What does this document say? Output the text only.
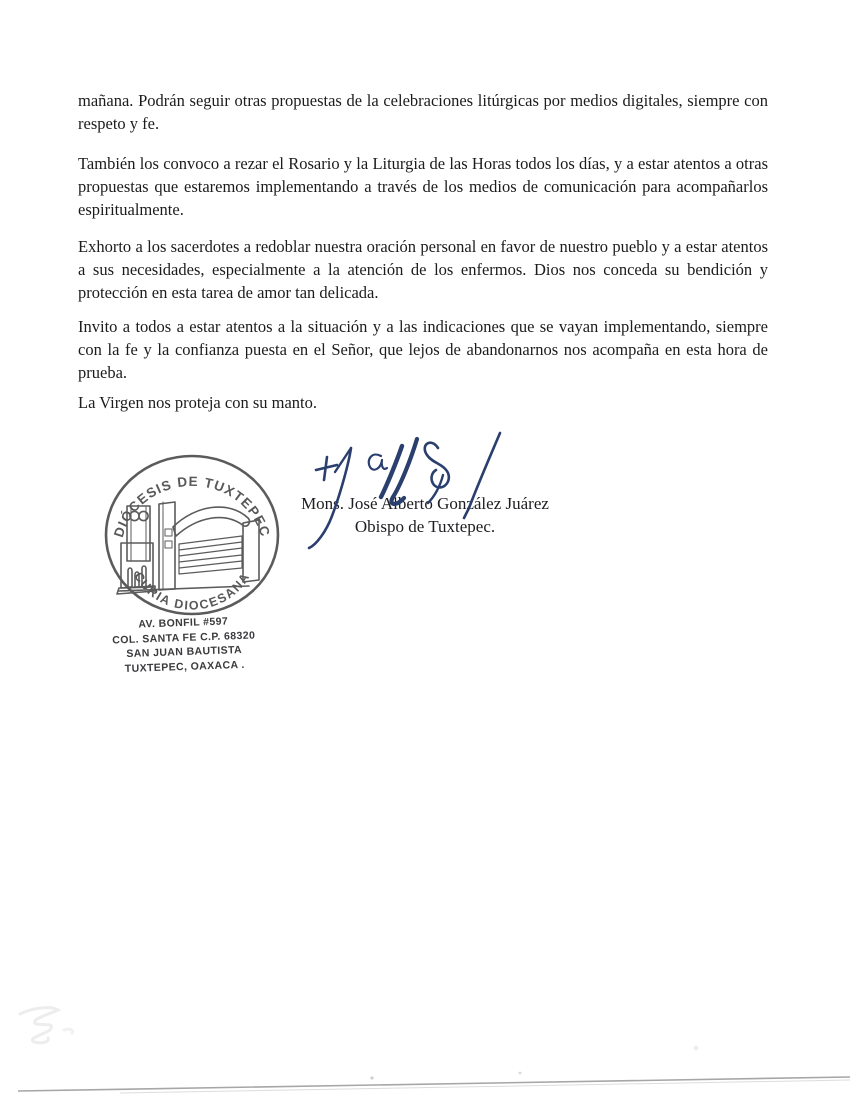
mañana. Podrán seguir otras propuestas de la celebraciones litúrgicas por medios digitales, siempre con respeto y fe.

También los convoco a rezar el Rosario y la Liturgia de las Horas todos los días, y a estar atentos a otras propuestas que estaremos implementando a través de los medios de comunicación para acompañarlos espiritualmente.

Exhorto a los sacerdotes a redoblar nuestra oración personal en favor de nuestro pueblo y a estar atentos a sus necesidades, especialmente a la atención de los enfermos. Dios nos conceda su bendición y protección en esta tarea de amor tan delicada.

Invito a todos a estar atentos a la situación y a las indicaciones que se vayan implementando, siempre con la fe y la confianza puesta en el Señor, que lejos de abandonarnos nos acompaña en esta hora de prueba.

La Virgen nos proteja con su manto.

Mons. José Alberto González Juárez
Obispo de Tuxtepec.
DIÓCESIS DE TUXTEPEC
CURIA DIOCESANA
AV. BONFIL #597
COL. SANTA FE C.P. 68320
SAN JUAN BAUTISTA
TUXTEPEC, OAXACA .
